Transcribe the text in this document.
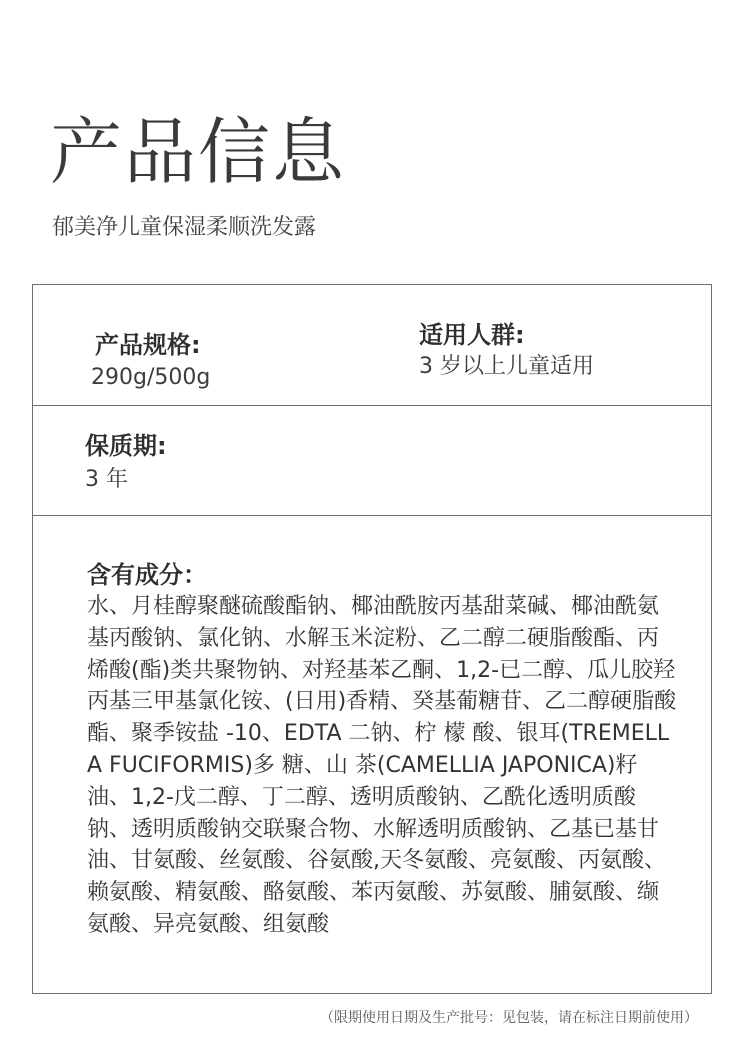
产品信息
郁美净儿童保湿柔顺洗发露
产品规格:
290g/500g
适用人群:
3 岁以上儿童适用
保质期:
3 年
含有成分：
水、月桂醇聚醚硫酸酯钠、椰油酰胺丙基甜菜碱、椰油酰氨基丙酸钠、氯化钠、水解玉米淀粉、乙二醇二硬脂酸酯、丙烯酸(酯)类共聚物钠、对羟基苯乙酮、1,2-已二醇、瓜儿胶羟丙基三甲基氯化铵、(日用)香精、癸基葡糖苷、乙二醇硬脂酸酯、聚季铵盐 -10、EDTA 二钠、柠 檬 酸、银耳(TREMELLA FUCIFORMIS)多 糖、山 茶(CAMELLIA JAPONICA)籽油、1,2-戊二醇、丁二醇、透明质酸钠、乙酰化透明质酸钠、透明质酸钠交联聚合物、水解透明质酸钠、乙基已基甘油、甘氨酸、丝氨酸、谷氨酸,天冬氨酸、亮氨酸、丙氨酸、赖氨酸、精氨酸、酪氨酸、苯丙氨酸、苏氨酸、脯氨酸、缬氨酸、异亮氨酸、组氨酸
（限期使用日期及生产批号：见包装，请在标注日期前使用）
